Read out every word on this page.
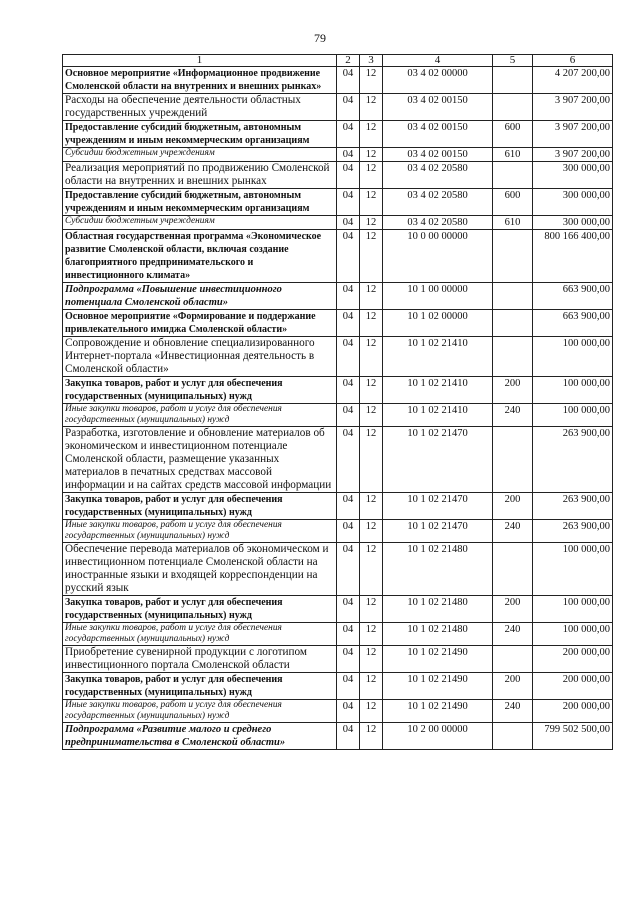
79
1	2	3	4	5	6
Основное мероприятие «Информационное продвижение Смоленской области на внутренних и внешних рынках»	04	12	03 4 02 00000		4 207 200,00
Расходы на обеспечение деятельности областных государственных учреждений	04	12	03 4 02 00150		3 907 200,00
Предоставление субсидий бюджетным, автономным учреждениям и иным некоммерческим организациям	04	12	03 4 02 00150	600	3 907 200,00
Субсидии бюджетным учреждениям	04	12	03 4 02 00150	610	3 907 200,00
Реализация мероприятий по продвижению Смоленской области на внутренних и внешних рынках	04	12	03 4 02 20580		300 000,00
Предоставление субсидий бюджетным, автономным учреждениям и иным некоммерческим организациям	04	12	03 4 02 20580	600	300 000,00
Субсидии бюджетным учреждениям	04	12	03 4 02 20580	610	300 000,00
Областная государственная программа «Экономическое развитие Смоленской области, включая создание благоприятного предпринимательского и инвестиционного климата»	04	12	10 0 00 00000		800 166 400,00
Подпрограмма «Повышение инвестиционного потенциала Смоленской области»	04	12	10 1 00 00000		663 900,00
Основное мероприятие «Формирование и поддержание привлекательного имиджа Смоленской области»	04	12	10 1 02 00000		663 900,00
Сопровождение и обновление специализированного Интернет-портала «Инвестиционная деятельность в Смоленской области»	04	12	10 1 02 21410		100 000,00
Закупка товаров, работ и услуг для обеспечения государственных (муниципальных) нужд	04	12	10 1 02 21410	200	100 000,00
Иные закупки товаров, работ и услуг для обеспечения государственных (муниципальных) нужд	04	12	10 1 02 21410	240	100 000,00
Разработка, изготовление и обновление материалов об экономическом и инвестиционном потенциале Смоленской области, размещение указанных материалов в печатных средствах массовой информации и на сайтах средств массовой информации	04	12	10 1 02 21470		263 900,00
Закупка товаров, работ и услуг для обеспечения государственных (муниципальных) нужд	04	12	10 1 02 21470	200	263 900,00
Иные закупки товаров, работ и услуг для обеспечения государственных (муниципальных) нужд	04	12	10 1 02 21470	240	263 900,00
Обеспечение перевода материалов об экономическом и инвестиционном потенциале Смоленской области на иностранные языки и входящей корреспонденции на русский язык	04	12	10 1 02 21480		100 000,00
Закупка товаров, работ и услуг для обеспечения государственных (муниципальных) нужд	04	12	10 1 02 21480	200	100 000,00
Иные закупки товаров, работ и услуг для обеспечения государственных (муниципальных) нужд	04	12	10 1 02 21480	240	100 000,00
Приобретение сувенирной продукции с логотипом инвестиционного портала Смоленской области	04	12	10 1 02 21490		200 000,00
Закупка товаров, работ и услуг для обеспечения государственных (муниципальных) нужд	04	12	10 1 02 21490	200	200 000,00
Иные закупки товаров, работ и услуг для обеспечения государственных (муниципальных) нужд	04	12	10 1 02 21490	240	200 000,00
Подпрограмма «Развитие малого и среднего предпринимательства в Смоленской области»	04	12	10 2 00 00000		799 502 500,00
